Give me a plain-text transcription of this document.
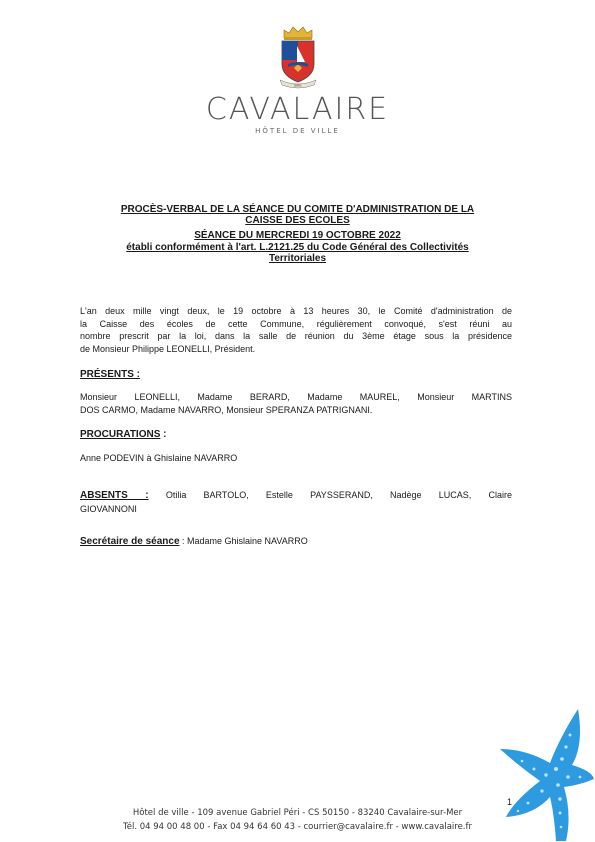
BUE
CAVALAIRE
HÔTEL DE VILLE
PROCÈS-VERBAL DE LA SÉANCE DU COMITE D'ADMINISTRATION DE LA
CAISSE DES ECOLES
SÉANCE DU MERCREDI 19 OCTOBRE 2022
établi conformément à l'art. L.2121.25 du Code Général des Collectivités
Territoriales
L'an deux mille vingt deux, le 19 octobre à 13 heures 30, le Comité d'administration de
la Caisse des écoles de cette Commune, régulièrement convoqué, s'est réuni au
nombre prescrit par la loi, dans la salle de réunion du 3ème étage sous la présidence
de Monsieur Philippe LEONELLI, Président.
PRÉSENTS :
Monsieur LEONELLI, Madame BERARD, Madame MAUREL, Monsieur MARTINS
DOS CARMO, Madame NAVARRO, Monsieur SPERANZA PATRIGNANI.
PROCURATIONS :
Anne PODEVIN à Ghislaine NAVARRO
ABSENTS : Otilia BARTOLO, Estelle PAYSSERAND, Nadège LUCAS, Claire
GIOVANNONI
Secrétaire de séance : Madame Ghislaine NAVARRO
1
Hôtel de ville - 109 avenue Gabriel Péri - CS 50150 - 83240 Cavalaire-sur-Mer
Tél. 04 94 00 48 00 - Fax 04 94 64 60 43 - courrier@cavalaire.fr - www.cavalaire.fr
